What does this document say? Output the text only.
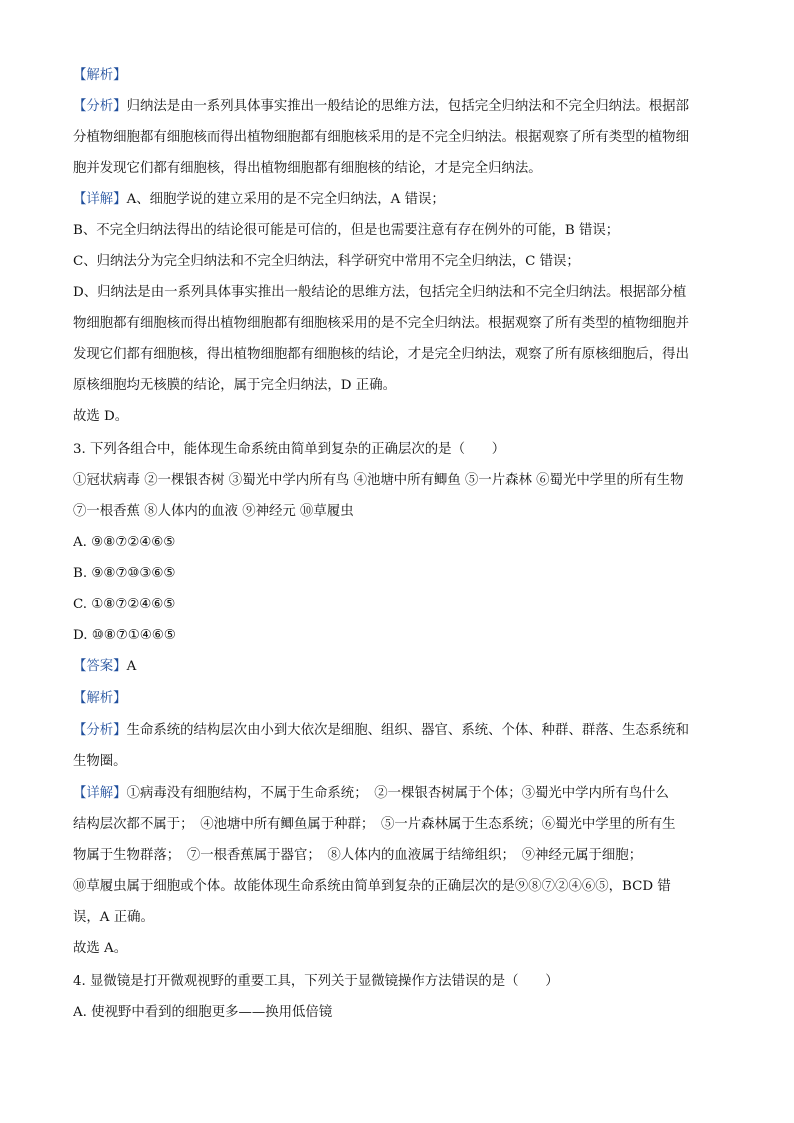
【解析】
【分析】归纳法是由一系列具体事实推出一般结论的思维方法，包括完全归纳法和不完全归纳法。根据部
分植物细胞都有细胞核而得出植物细胞都有细胞核采用的是不完全归纳法。根据观察了所有类型的植物细
胞并发现它们都有细胞核，得出植物细胞都有细胞核的结论，才是完全归纳法。
【详解】A、细胞学说的建立采用的是不完全归纳法，A 错误；
B、不完全归纳法得出的结论很可能是可信的，但是也需要注意有存在例外的可能，B 错误；
C、归纳法分为完全归纳法和不完全归纳法，科学研究中常用不完全归纳法，C 错误；
D、归纳法是由一系列具体事实推出一般结论的思维方法，包括完全归纳法和不完全归纳法。根据部分植
物细胞都有细胞核而得出植物细胞都有细胞核采用的是不完全归纳法。根据观察了所有类型的植物细胞并
发现它们都有细胞核，得出植物细胞都有细胞核的结论，才是完全归纳法，观察了所有原核细胞后，得出
原核细胞均无核膜的结论，属于完全归纳法，D 正确。
故选 D。
3. 下列各组合中，能体现生命系统由简单到复杂的正确层次的是（　　）
①冠状病毒 ②一棵银杏树 ③蜀光中学内所有鸟 ④池塘中所有鲫鱼 ⑤一片森林 ⑥蜀光中学里的所有生物
⑦一根香蕉 ⑧人体内的血液 ⑨神经元 ⑩草履虫
A. ⑨⑧⑦②④⑥⑤
B. ⑨⑧⑦⑩③⑥⑤
C. ①⑧⑦②④⑥⑤
D. ⑩⑧⑦①④⑥⑤
【答案】A
【解析】
【分析】生命系统的结构层次由小到大依次是细胞、组织、器官、系统、个体、种群、群落、生态系统和
生物圈。
【详解】①病毒没有细胞结构，不属于生命系统；　②一棵银杏树属于个体；③蜀光中学内所有鸟什么
结构层次都不属于；　④池塘中所有鲫鱼属于种群；　⑤一片森林属于生态系统；⑥蜀光中学里的所有生
物属于生物群落；　⑦一根香蕉属于器官；　⑧人体内的血液属于结缔组织；　⑨神经元属于细胞；
⑩草履虫属于细胞或个体。故能体现生命系统由简单到复杂的正确层次的是⑨⑧⑦②④⑥⑤，BCD 错
误，A 正确。
故选 A。
4. 显微镜是打开微观视野的重要工具，下列关于显微镜操作方法错误的是（　　）
A. 使视野中看到的细胞更多——换用低倍镜
